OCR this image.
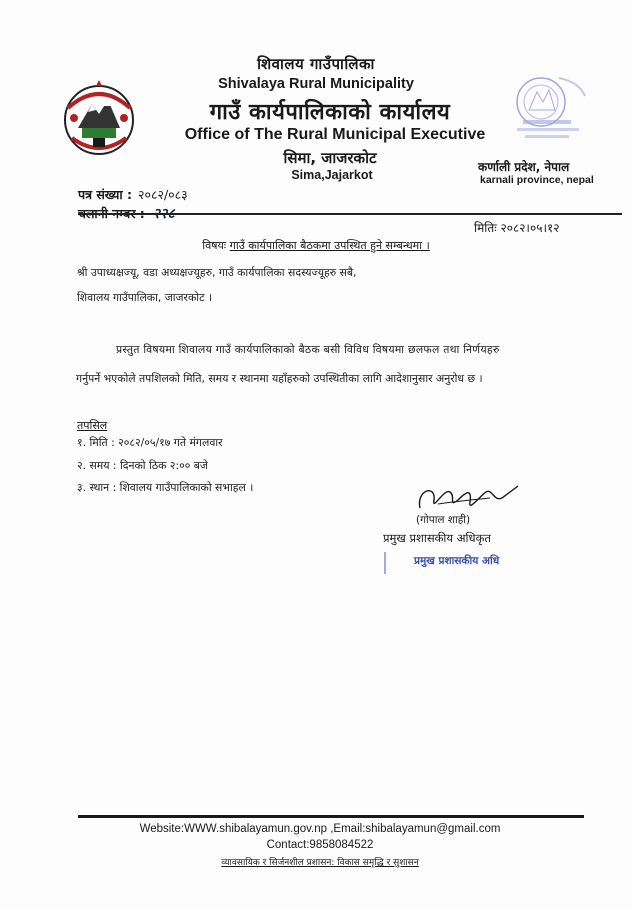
शिवालय गाउँपालिका
Shivalaya Rural Municipality
गाउँ कार्यपालिकाको कार्यालय
Office of The Rural Municipal Executive
सिमा, जाजरकोट
Sima,Jajarkot
कर्णाली प्रदेश, नेपाल
karnali province, nepal
पत्र संख्या : २०८२/०८३
चलानी नम्बर : २२८
मितिः २०८२।०५।१२
विषयः गाउँ कार्यपालिका बैठकमा उपस्थित हुने सम्बन्धमा ।
श्री उपाध्यक्षज्यू, वडा अध्यक्षज्यूहरु, गाउँ कार्यपालिका सदस्यज्यूहरु सबै,
शिवालय गाउँपालिका, जाजरकोट ।
प्रस्तुत विषयमा शिवालय गाउँ कार्यपालिकाको बैठक बसी विविध विषयमा छलफल तथा निर्णयहरु
गर्नुपर्ने भएकोले तपशिलको मिति, समय र स्थानमा यहाँहरुको उपस्थितीका लागि आदेशानुसार अनुरोध छ ।
तपसिल
१. मिति : २०८२/०५/१७ गते मंगलवार
२. समय : दिनको ठिक २:०० बजे
३. स्थान : शिवालय गाउँपालिकाको सभाहल ।
(गोपाल शाही)
प्रमुख प्रशासकीय अधिकृत
प्रमुख प्रशासकीय अधि
Website:WWW.shibalayamun.gov.np ,Email:shibalayamun@gmail.com
Contact:9858084522
व्यावसायिक र सिर्जनशील प्रशासन: विकास समृद्धि र सुशासन
